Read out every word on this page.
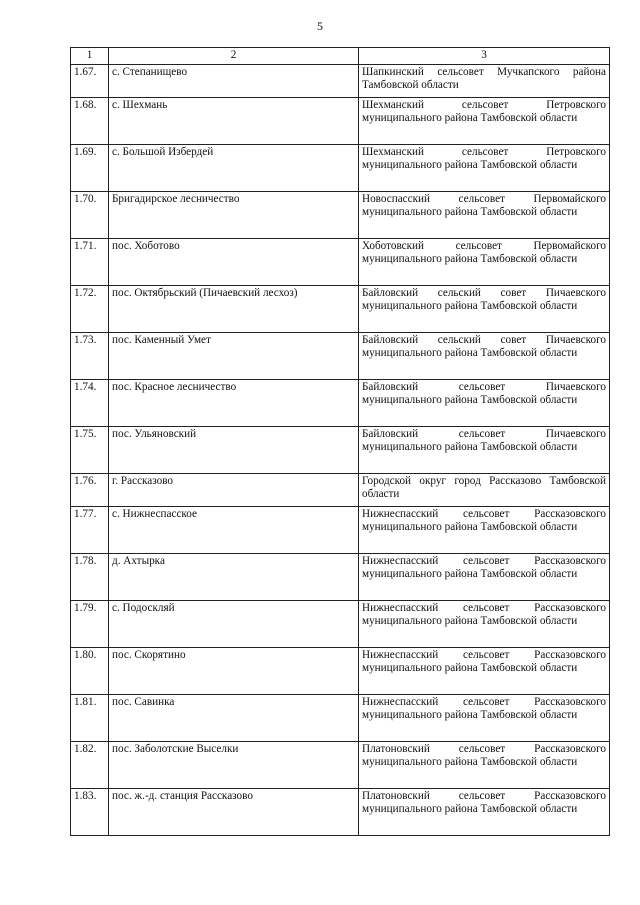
5
1	2	3
1.67.	с. Степанищево	Шапкинский сельсовет Мучкапского района Тамбовской области
1.68.	с. Шехмань	Шехманский сельсовет Петровского муниципального района Тамбовской области
1.69.	с. Большой Избердей	Шехманский сельсовет Петровского муниципального района Тамбовской области
1.70.	Бригадирское лесничество	Новоспасский сельсовет Первомайского муниципального района Тамбовской области
1.71.	пос. Хоботово	Хоботовский сельсовет Первомайского муниципального района Тамбовской области
1.72.	пос. Октябрьский (Пичаевский лесхоз)	Байловский сельский совет Пичаевского муниципального района Тамбовской области
1.73.	пос. Каменный Умет	Байловский сельский совет Пичаевского муниципального района Тамбовской области
1.74.	пос. Красное лесничество	Байловский сельсовет Пичаевского муниципального района Тамбовской области
1.75.	пос. Ульяновский	Байловский сельсовет Пичаевского муниципального района Тамбовской области
1.76.	г. Рассказово	Городской округ город Рассказово Тамбовской области
1.77.	с. Нижнеспасское	Нижнеспасский сельсовет Рассказовского муниципального района Тамбовской области
1.78.	д. Ахтырка	Нижнеспасский сельсовет Рассказовского муниципального района Тамбовской области
1.79.	с. Подоскляй	Нижнеспасский сельсовет Рассказовского муниципального района Тамбовской области
1.80.	пос. Скорятино	Нижнеспасский сельсовет Рассказовского муниципального района Тамбовской области
1.81.	пос. Савинка	Нижнеспасский сельсовет Рассказовского муниципального района Тамбовской области
1.82.	пос. Заболотские Выселки	Платоновский сельсовет Рассказовского муниципального района Тамбовской области
1.83.	пос. ж.-д. станция Рассказово	Платоновский сельсовет Рассказовского муниципального района Тамбовской области
